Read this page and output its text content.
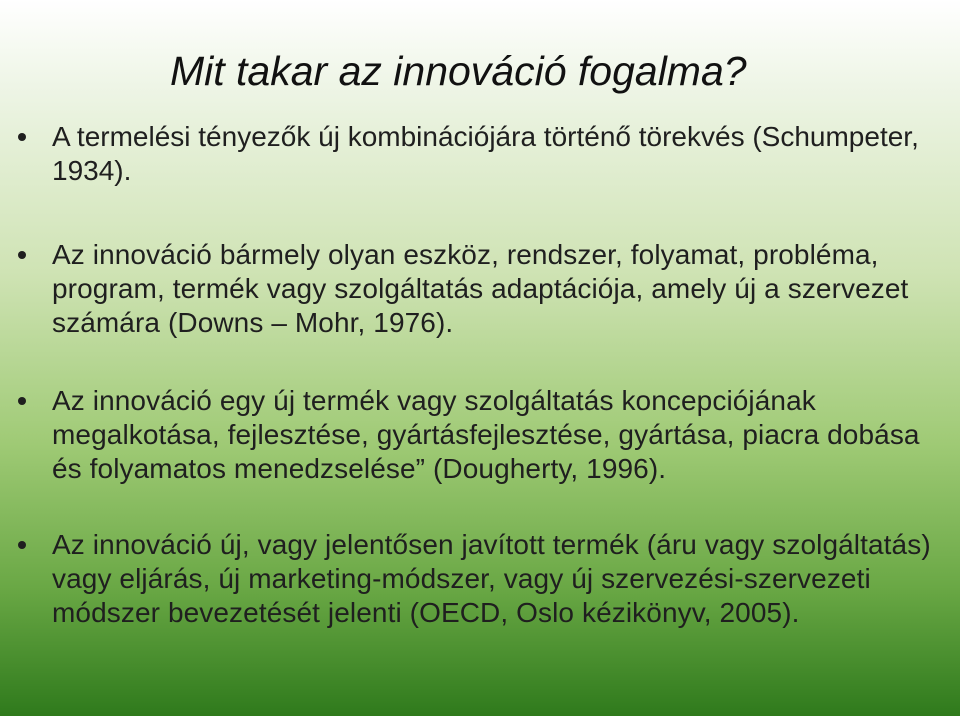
Mit takar az innováció fogalma?
A termelési tényezők új kombinációjára történő törekvés (Schumpeter, 1934).
Az innováció bármely olyan eszköz, rendszer, folyamat, probléma, program, termék vagy szolgáltatás adaptációja, amely új a szervezet számára (Downs – Mohr, 1976).
Az innováció egy új termék vagy szolgáltatás koncepciójának megalkotása, fejlesztése, gyártásfejlesztése, gyártása, piacra dobása és folyamatos menedzselése” (Dougherty, 1996).
Az innováció új, vagy jelentősen javított termék (áru vagy szolgáltatás) vagy eljárás, új marketing-módszer, vagy új szervezési-szervezeti módszer bevezetését jelenti (OECD, Oslo kézikönyv, 2005).
